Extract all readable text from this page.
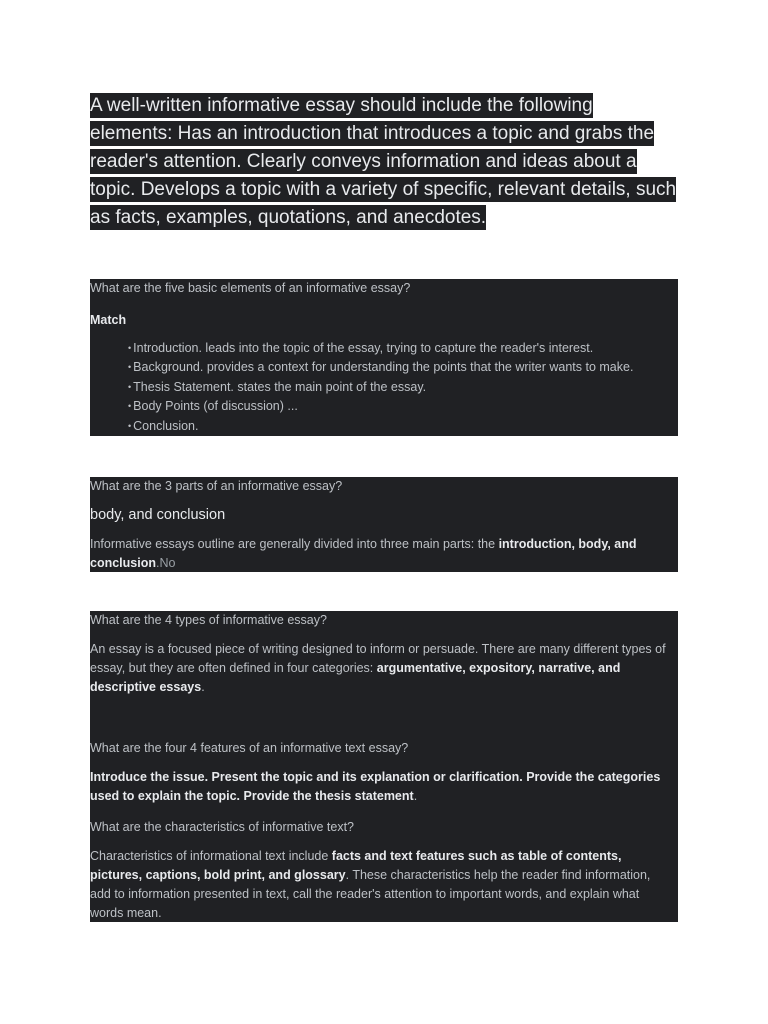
A well-written informative essay should include the following elements: Has an introduction that introduces a topic and grabs the reader's attention. Clearly conveys information and ideas about a topic. Develops a topic with a variety of specific, relevant details, such as facts, examples, quotations, and anecdotes.

What are the five basic elements of an informative essay?

Match

• Introduction. leads into the topic of the essay, trying to capture the reader's interest.
• Background. provides a context for understanding the points that the writer wants to make.
• Thesis Statement. states the main point of the essay.
• Body Points (of discussion) ...
• Conclusion.

What are the 3 parts of an informative essay?

body, and conclusion

Informative essays outline are generally divided into three main parts: the introduction, body, and conclusion.No

What are the 4 types of informative essay?

An essay is a focused piece of writing designed to inform or persuade. There are many different types of essay, but they are often defined in four categories: argumentative, expository, narrative, and descriptive essays.

What are the four 4 features of an informative text essay?

Introduce the issue. Present the topic and its explanation or clarification. Provide the categories used to explain the topic. Provide the thesis statement.

What are the characteristics of informative text?

Characteristics of informational text include facts and text features such as table of contents, pictures, captions, bold print, and glossary. These characteristics help the reader find information, add to information presented in text, call the reader's attention to important words, and explain what words mean.
